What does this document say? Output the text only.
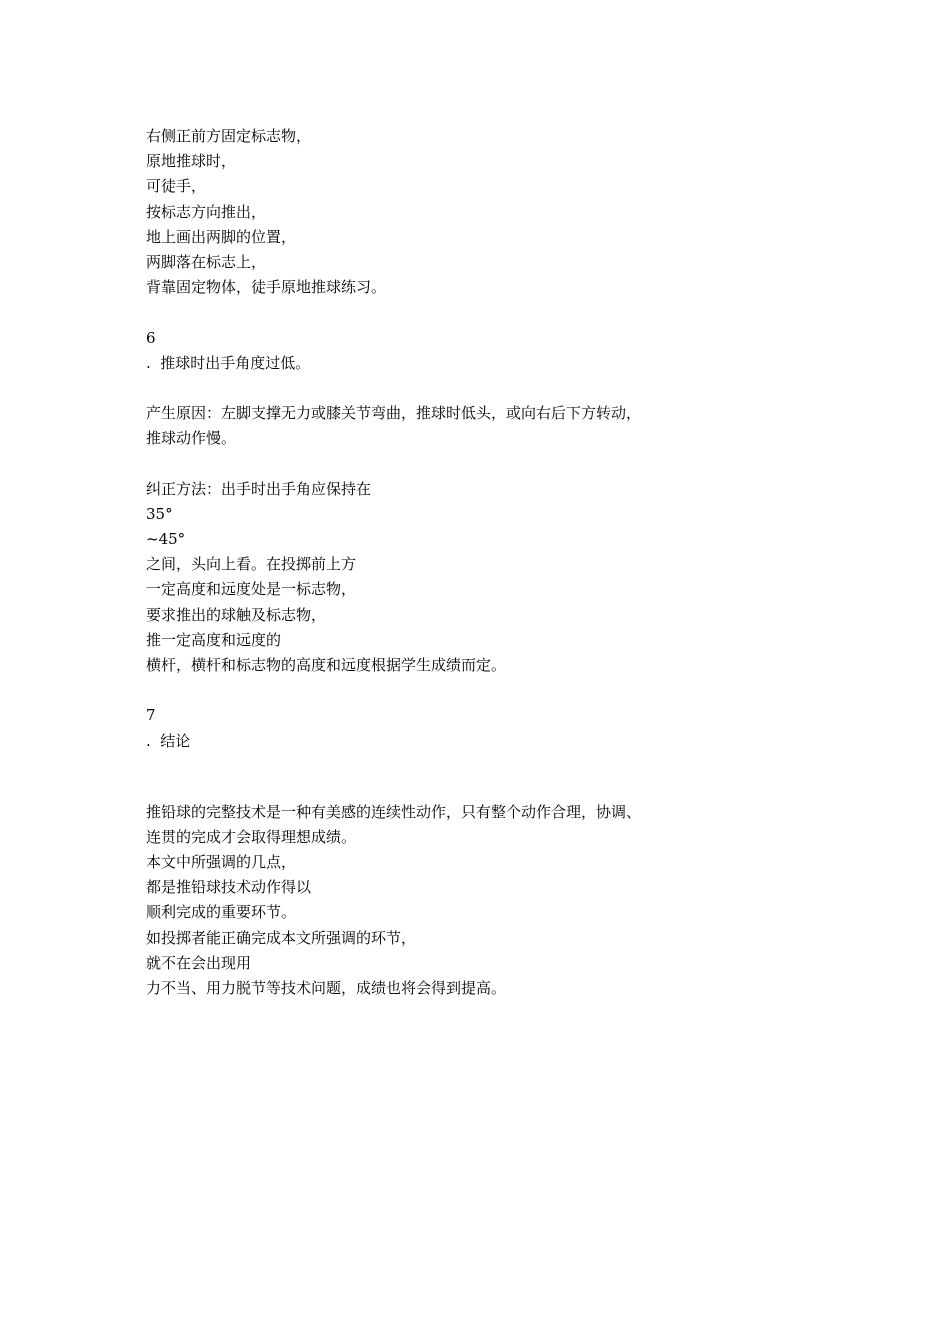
右侧正前方固定标志物，
原地推球时，
可徒手，
按标志方向推出，
地上画出两脚的位置，
两脚落在标志上，
背靠固定物体，徒手原地推球练习。
6
.  推球时出手角度过低。
产生原因：左脚支撑无力或膝关节弯曲，推球时低头，或向右后下方转动，
推球动作慢。
纠正方法：出手时出手角应保持在
35°
~45°
之间，头向上看。在投掷前上方
一定高度和远度处是一标志物，
要求推出的球触及标志物，
推一定高度和远度的
横杆，横杆和标志物的高度和远度根据学生成绩而定。
7
.  结论
推铅球的完整技术是一种有美感的连续性动作，只有整个动作合理，协调、
连贯的完成才会取得理想成绩。
本文中所强调的几点，
都是推铅球技术动作得以
顺利完成的重要环节。
如投掷者能正确完成本文所强调的环节，
就不在会出现用
力不当、用力脱节等技术问题，成绩也将会得到提高。
